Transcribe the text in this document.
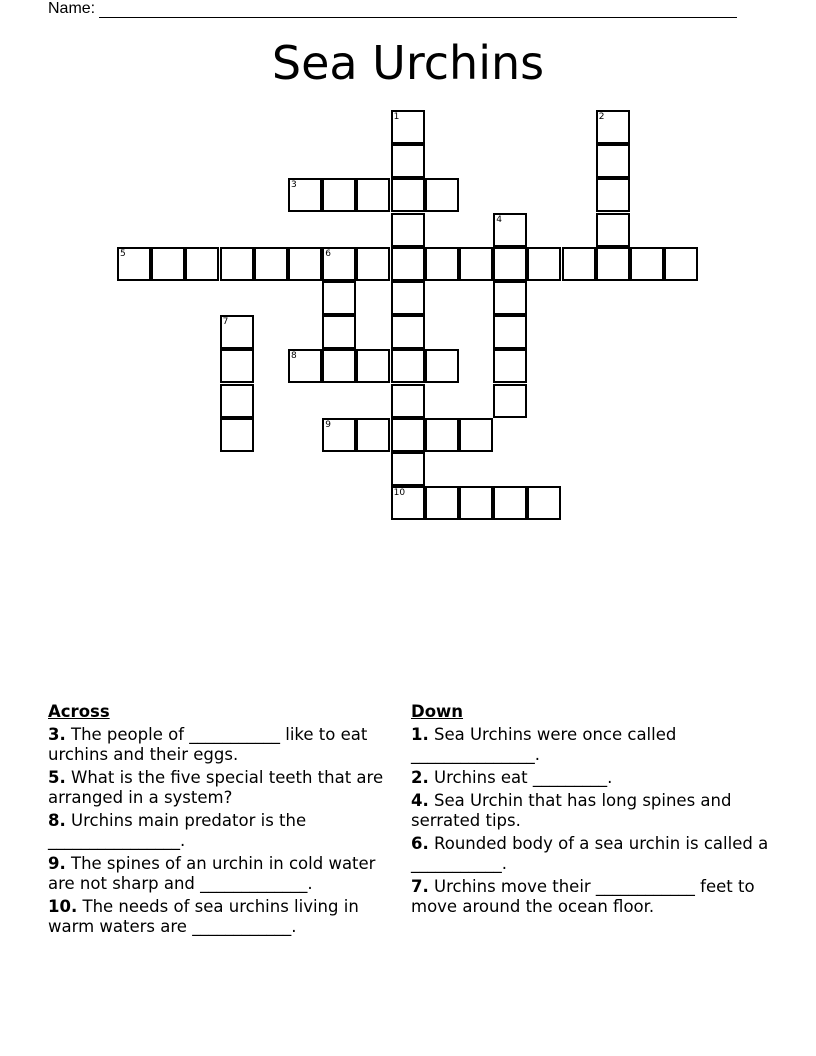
Name:
Sea Urchins
1
10
2
3
4
5	6
7
8
9
Across
3. The people of ___________ like to eat urchins and their eggs.
5. What is the five special teeth that are arranged in a system?
8. Urchins main predator is the ________________.
9. The spines of an urchin in cold water are not sharp and _____________.
10. The needs of sea urchins living in warm waters are ____________.
Down
1. Sea Urchins were once called _______________.
2. Urchins eat _________.
4. Sea Urchin that has long spines and serrated tips.
6. Rounded body of a sea urchin is called a ___________.
7. Urchins move their ____________ feet to move around the ocean floor.
